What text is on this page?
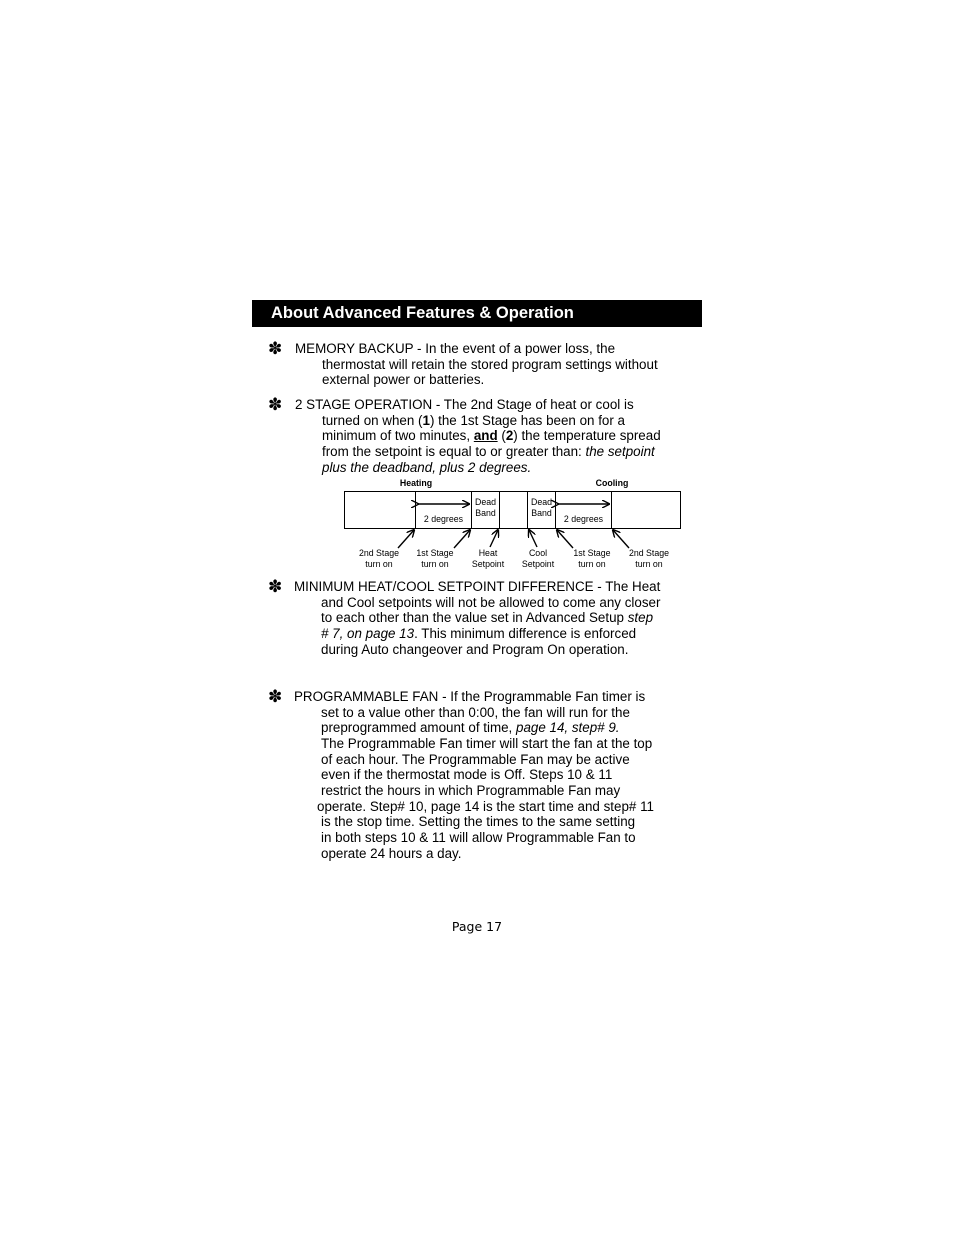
About Advanced Features & Operation
✽ MEMORY BACKUP - In the event of a power loss, the
thermostat will retain the stored program settings without
external power or batteries.
✽ 2 STAGE OPERATION - The 2nd Stage of heat or cool is
turned on when (1) the 1st Stage has been on for a
minimum of two minutes, and (2) the temperature spread
from the setpoint is equal to or greater than: the setpoint
plus the deadband, plus 2 degrees.
Heating	Cooling
Dead
Band
Dead
Band
2 degrees	2 degrees
2nd Stage
turn on
1st Stage
turn on
Heat
Setpoint
Cool
Setpoint
1st Stage
turn on
2nd Stage
turn on
✽ MINIMUM HEAT/COOL SETPOINT DIFFERENCE - The Heat
and Cool setpoints will not be allowed to come any closer
to each other than the value set in Advanced Setup step
# 7, on page 13. This minimum difference is enforced
during Auto changeover and Program On operation.
✽ PROGRAMMABLE FAN - If the Programmable Fan timer is
set to a value other than 0:00, the fan will run for the
preprogrammed amount of time, page 14, step# 9.
The Programmable Fan timer will start the fan at the top
of each hour. The Programmable Fan may be active
even if the thermostat mode is Off. Steps 10 & 11
restrict the hours in which Programmable Fan may
operate. Step# 10, page 14 is the start time and step# 11
is the stop time. Setting the times to the same setting
in both steps 10 & 11 will allow Programmable Fan to
operate 24 hours a day.
Page 17
